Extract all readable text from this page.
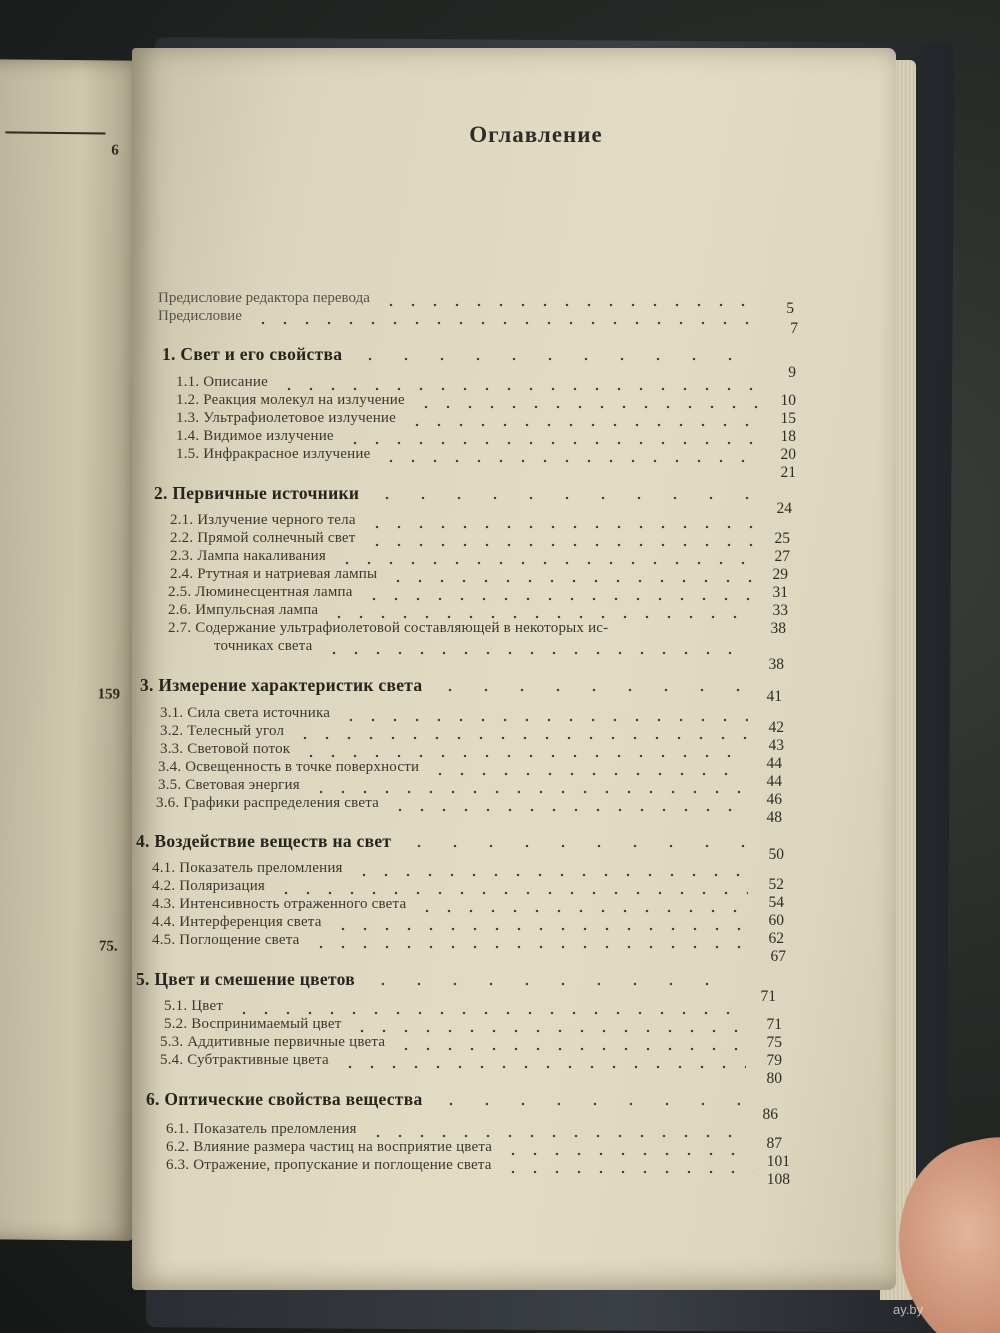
6
159
75.
Оглавление
Предисловие редактора перевода
5
Предисловие
7
1. Свет и его свойства
9
1.1. Описание
10
1.2. Реакция молекул на излучение
15
1.3. Ультрафиолетовое излучение
18
1.4. Видимое излучение
20
1.5. Инфракрасное излучение
21
2. Первичные источники
24
2.1. Излучение черного тела
25
2.2. Прямой солнечный свет
27
2.3. Лампа накаливания
29
2.4. Ртутная и натриевая лампы
31
2.5. Люминесцентная лампа
33
2.6. Импульсная лампа
38
2.7. Содержание ультрафиолетовой составляющей в некоторых ис-
точниках света
38
3. Измерение характеристик света
41
3.1. Сила света источника
42
3.2. Телесный угол
43
3.3. Световой поток
44
3.4. Освещенность в точке поверхности
44
3.5. Световая энергия
46
3.6. Графики распределения света
48
4. Воздействие веществ на свет
50
4.1. Показатель преломления
52
4.2. Поляризация
54
4.3. Интенсивность отраженного света
60
4.4. Интерференция света
62
4.5. Поглощение света
67
5. Цвет и смешение цветов
71
5.1. Цвет
71
5.2. Воспринимаемый цвет
75
5.3. Аддитивные первичные цвета
79
5.4. Субтрактивные цвета
80
6. Оптические свойства вещества
86
6.1. Показатель преломления
87
6.2. Влияние размера частиц на восприятие цвета
101
6.3. Отражение, пропускание и поглощение света
108
ay.by
